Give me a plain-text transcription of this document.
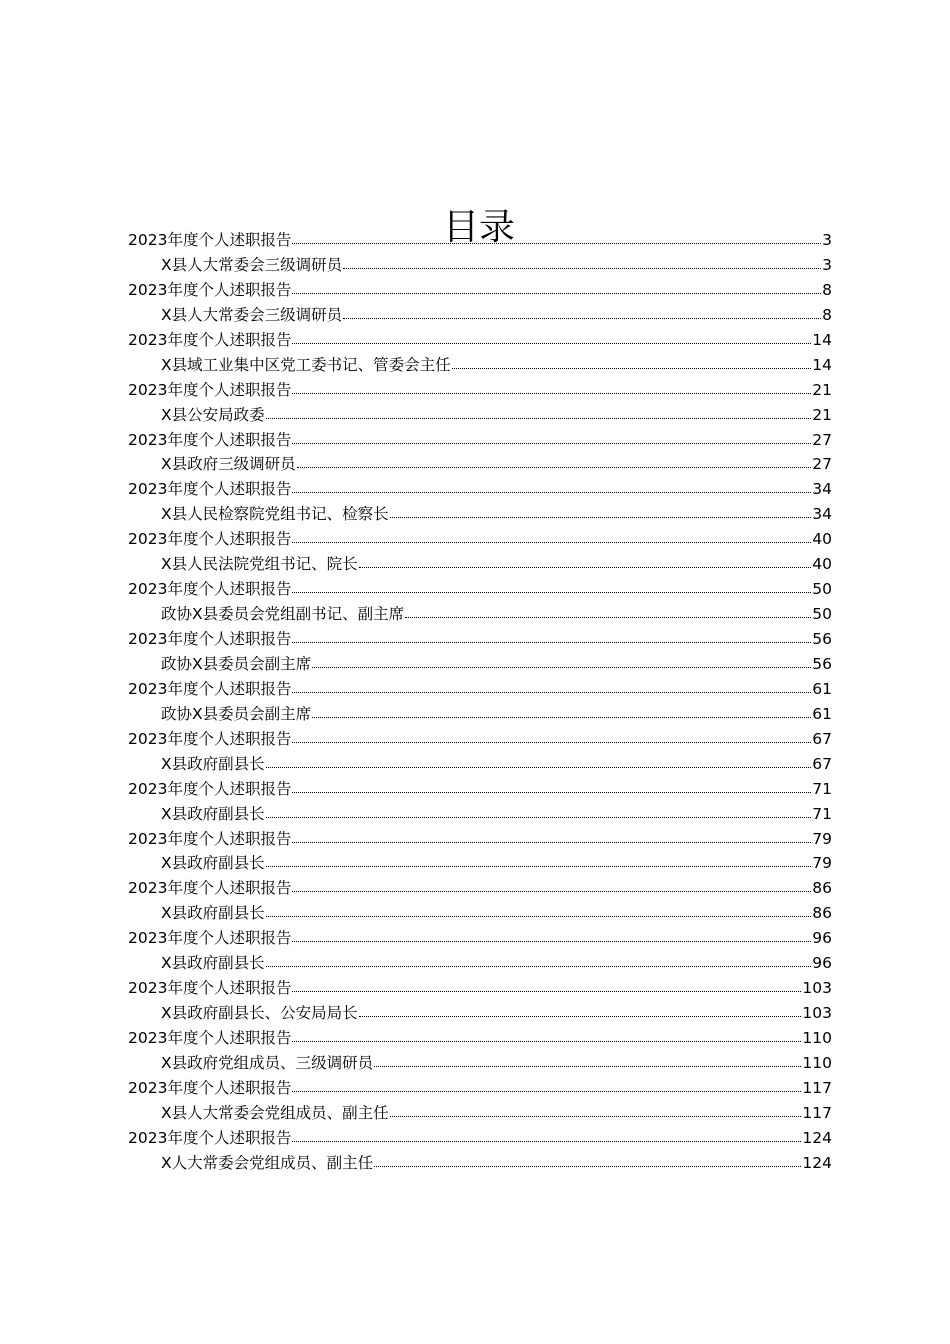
目录
2023年度个人述职报告	3
X县人大常委会三级调研员	3
2023年度个人述职报告	8
X县人大常委会三级调研员	8
2023年度个人述职报告	14
X县域工业集中区党工委书记、管委会主任	14
2023年度个人述职报告	21
X县公安局政委	21
2023年度个人述职报告	27
X县政府三级调研员	27
2023年度个人述职报告	34
X县人民检察院党组书记、检察长	34
2023年度个人述职报告	40
X县人民法院党组书记、院长	40
2023年度个人述职报告	50
政协X县委员会党组副书记、副主席	50
2023年度个人述职报告	56
政协X县委员会副主席	56
2023年度个人述职报告	61
政协X县委员会副主席	61
2023年度个人述职报告	67
X县政府副县长	67
2023年度个人述职报告	71
X县政府副县长	71
2023年度个人述职报告	79
X县政府副县长	79
2023年度个人述职报告	86
X县政府副县长	86
2023年度个人述职报告	96
X县政府副县长	96
2023年度个人述职报告	103
X县政府副县长、公安局局长	103
2023年度个人述职报告	110
X县政府党组成员、三级调研员	110
2023年度个人述职报告	117
X县人大常委会党组成员、副主任	117
2023年度个人述职报告	124
X人大常委会党组成员、副主任	124
